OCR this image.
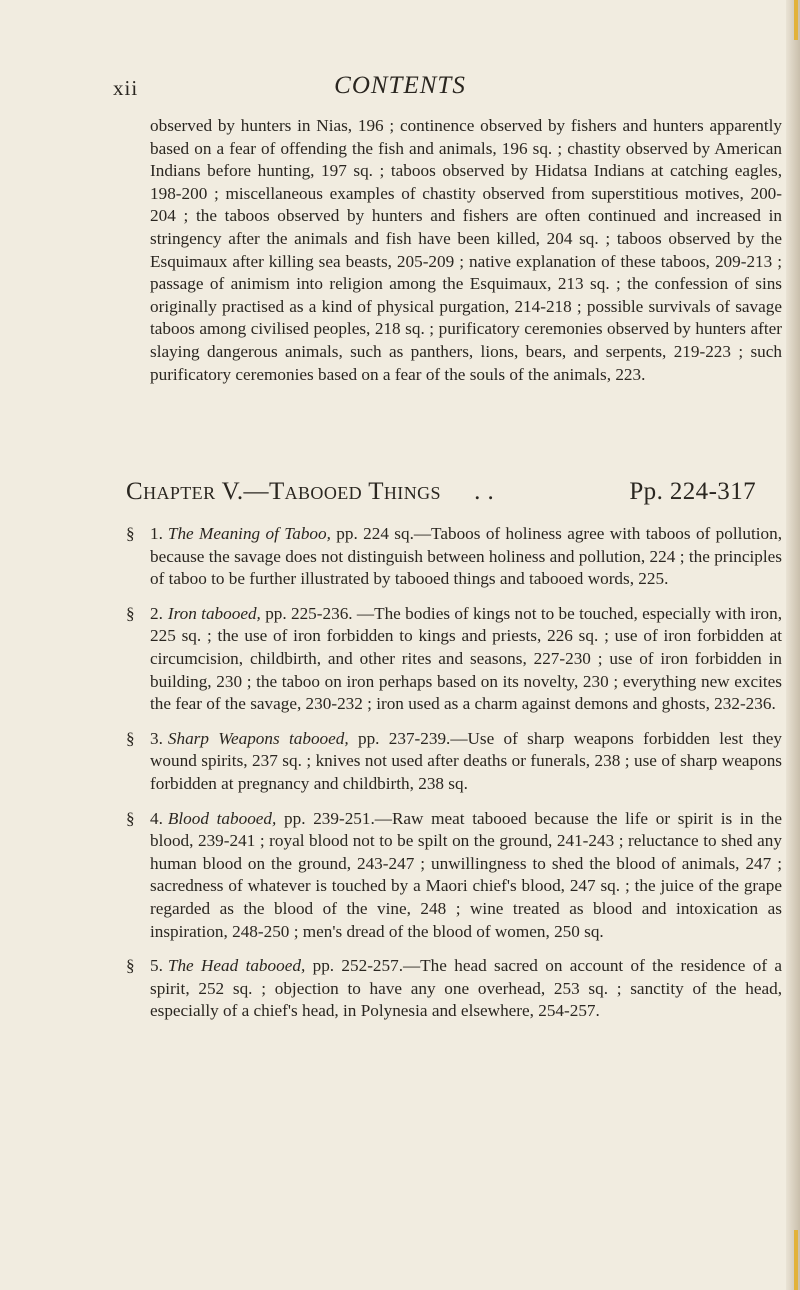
xii	CONTENTS
observed by hunters in Nias, 196 ; continence observed by fishers and hunters apparently based on a fear of offending the fish and animals, 196 sq. ; chastity observed by American Indians before hunting, 197 sq. ; taboos observed by Hidatsa Indians at catching eagles, 198-200 ; miscellaneous examples of chastity observed from superstitious motives, 200-204 ; the taboos observed by hunters and fishers are often continued and increased in stringency after the animals and fish have been killed, 204 sq. ; taboos observed by the Esquimaux after killing sea beasts, 205-209 ; native explanation of these taboos, 209-213 ; passage of animism into religion among the Esquimaux, 213 sq. ; the confession of sins originally practised as a kind of physical purgation, 214-218 ; possible survivals of savage taboos among civilised peoples, 218 sq. ; purificatory ceremonies observed by hunters after slaying dangerous animals, such as panthers, lions, bears, and serpents, 219-223 ; such purificatory ceremonies based on a fear of the souls of the animals, 223.
Chapter V.—Tabooed Things . .	Pp. 224-317
§ 1. The Meaning of Taboo, pp. 224 sq.—Taboos of holiness agree with taboos of pollution, because the savage does not distinguish between holiness and pollution, 224 ; the principles of taboo to be further illustrated by tabooed things and tabooed words, 225.
§ 2. Iron tabooed, pp. 225-236. —The bodies of kings not to be touched, especially with iron, 225 sq. ; the use of iron forbidden to kings and priests, 226 sq. ; use of iron forbidden at circumcision, childbirth, and other rites and seasons, 227-230 ; use of iron forbidden in building, 230 ; the taboo on iron perhaps based on its novelty, 230 ; everything new excites the fear of the savage, 230-232 ; iron used as a charm against demons and ghosts, 232-236.
§ 3. Sharp Weapons tabooed, pp. 237-239.—Use of sharp weapons forbidden lest they wound spirits, 237 sq. ; knives not used after deaths or funerals, 238 ; use of sharp weapons forbidden at pregnancy and childbirth, 238 sq.
§ 4. Blood tabooed, pp. 239-251.—Raw meat tabooed because the life or spirit is in the blood, 239-241 ; royal blood not to be spilt on the ground, 241-243 ; reluctance to shed any human blood on the ground, 243-247 ; unwillingness to shed the blood of animals, 247 ; sacredness of whatever is touched by a Maori chief's blood, 247 sq. ; the juice of the grape regarded as the blood of the vine, 248 ; wine treated as blood and intoxication as inspiration, 248-250 ; men's dread of the blood of women, 250 sq.
§ 5. The Head tabooed, pp. 252-257.—The head sacred on account of the residence of a spirit, 252 sq. ; objection to have any one overhead, 253 sq. ; sanctity of the head, especially of a chief's head, in Polynesia and elsewhere, 254-257.
